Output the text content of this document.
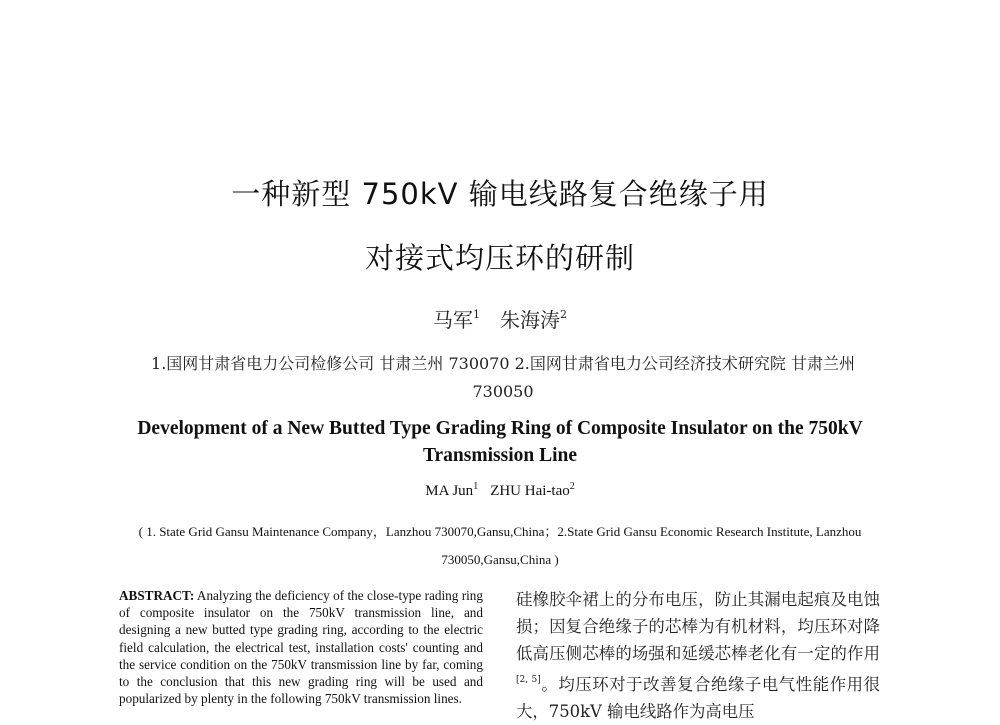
一种新型 750kV 输电线路复合绝缘子用
对接式均压环的研制
马军$^1$ 朱海涛$^2$
1.国网甘肃省电力公司检修公司 甘肃兰州 730070 2.国网甘肃省电力公司经济技术研究院 甘肃兰州 730050
Development of a New Butted Type Grading Ring of Composite Insulator on the 750kV Transmission Line
MA Jun$^1$ ZHU Hai-tao$^2$
( 1. State Grid Gansu Maintenance Company，Lanzhou 730070,Gansu,China；2.State Grid Gansu Economic Research Institute, Lanzhou 730050,Gansu,China )
ABSTRACT: Analyzing the deficiency of the close-type rading ring of composite insulator on the 750kV transmission line, and designing a new butted type grading ring, according to the electric field calculation, the electrical test, installation costs' counting and the service condition on the 750kV transmission line by far, coming to the conclusion that this new grading ring will be used and popularized by plenty in the following 750kV transmission lines.
硅橡胶伞裙上的分布电压，防止其漏电起痕及电蚀损；因复合绝缘子的芯棒为有机材料，均压环对降低高压侧芯棒的场强和延缓芯棒老化有一定的作用[2, 5]。均压环对于改善复合绝缘子电气性能作用很大，750kV 输电线路作为高电压
